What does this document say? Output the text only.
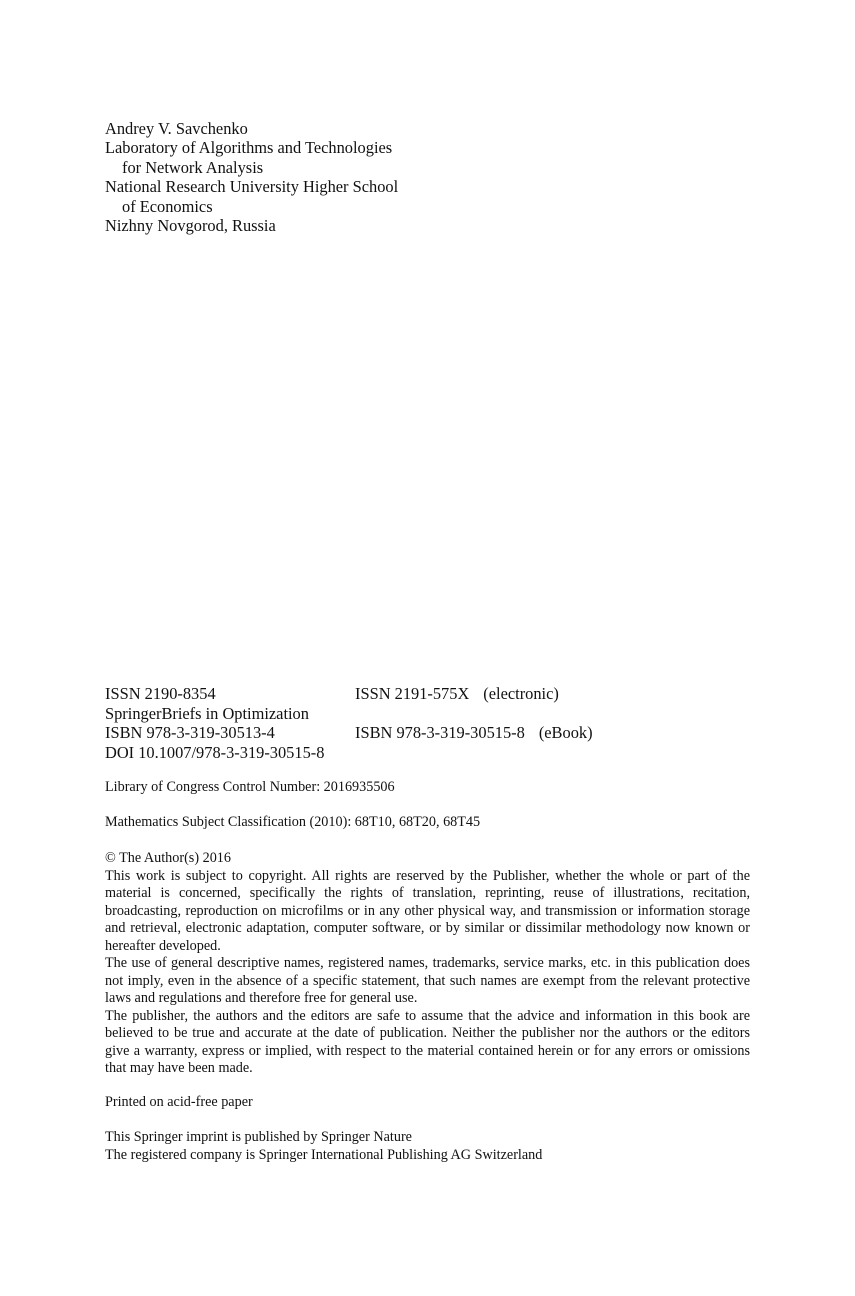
Andrey V. Savchenko
Laboratory of Algorithms and Technologies
for Network Analysis
National Research University Higher School
of Economics
Nizhny Novgorod, Russia
ISSN 2190-8354	ISSN 2191-575X (electronic)
SpringerBriefs in Optimization
ISBN 978-3-319-30513-4	ISBN 978-3-319-30515-8 (eBook)
DOI 10.1007/978-3-319-30515-8
Library of Congress Control Number: 2016935506
Mathematics Subject Classification (2010): 68T10, 68T20, 68T45

© The Author(s) 2016

This work is subject to copyright. All rights are reserved by the Publisher, whether the whole or part of the material is concerned, specifically the rights of translation, reprinting, reuse of illustrations, recitation, broadcasting, reproduction on microfilms or in any other physical way, and transmission or information storage and retrieval, electronic adaptation, computer software, or by similar or dissimilar methodology now known or hereafter developed.

The use of general descriptive names, registered names, trademarks, service marks, etc. in this publication does not imply, even in the absence of a specific statement, that such names are exempt from the relevant protective laws and regulations and therefore free for general use.

The publisher, the authors and the editors are safe to assume that the advice and information in this book are believed to be true and accurate at the date of publication. Neither the publisher nor the authors or the editors give a warranty, express or implied, with respect to the material contained herein or for any errors or omissions that may have been made.

Printed on acid-free paper
This Springer imprint is published by Springer Nature
The registered company is Springer International Publishing AG Switzerland
